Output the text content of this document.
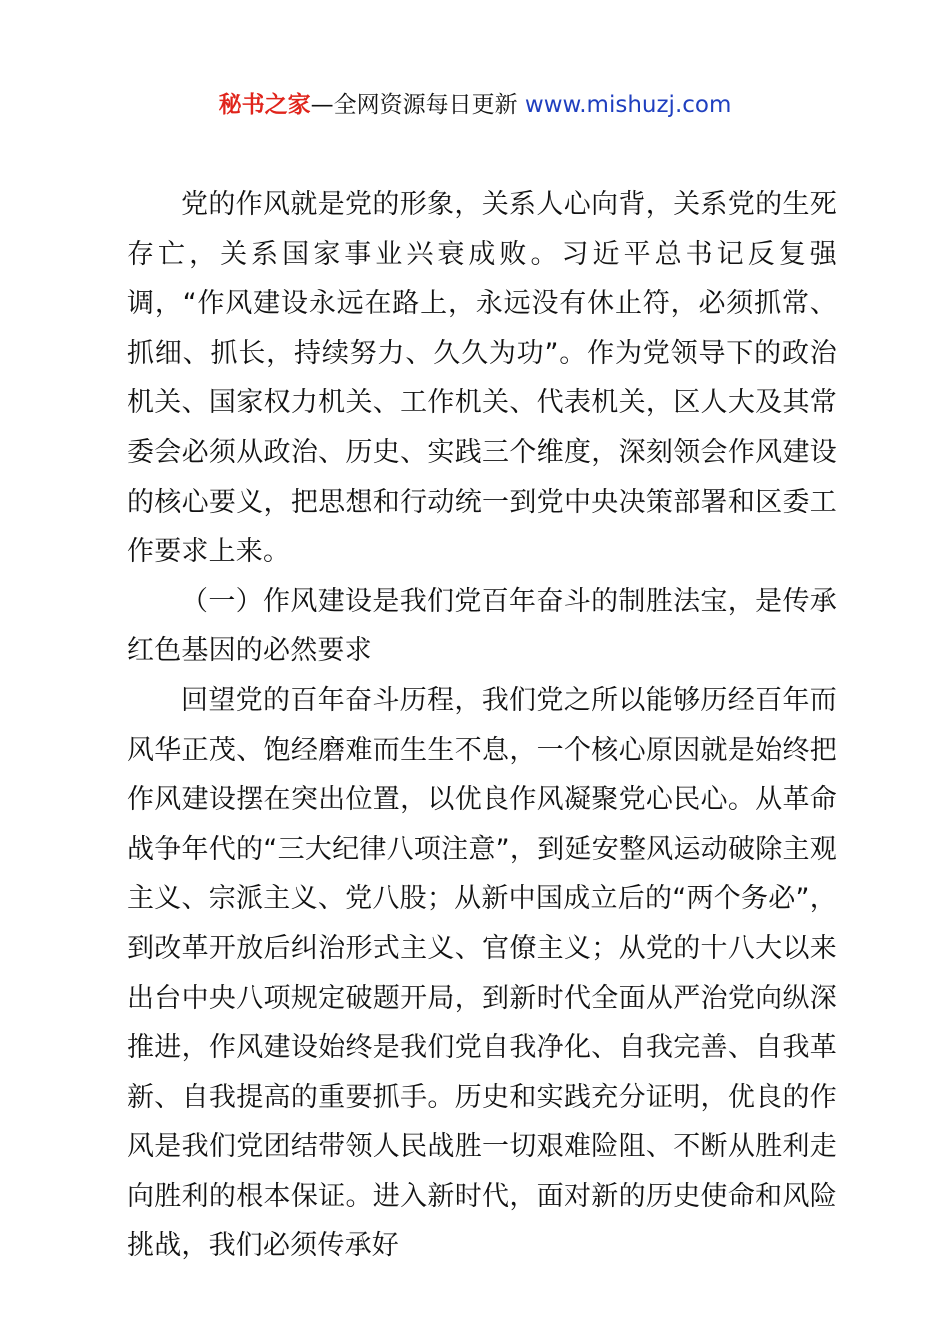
秘书之家—全网资源每日更新 www.mishuzj.com

党的作风就是党的形象，关系人心向背，关系党的生死存亡，关系国家事业兴衰成败。习近平总书记反复强调，“作风建设永远在路上，永远没有休止符，必须抓常、抓细、抓长，持续努力、久久为功”。作为党领导下的政治机关、国家权力机关、工作机关、代表机关，区人大及其常委会必须从政治、历史、实践三个维度，深刻领会作风建设的核心要义，把思想和行动统一到党中央决策部署和区委工作要求上来。

（一）作风建设是我们党百年奋斗的制胜法宝，是传承红色基因的必然要求

回望党的百年奋斗历程，我们党之所以能够历经百年而风华正茂、饱经磨难而生生不息，一个核心原因就是始终把作风建设摆在突出位置，以优良作风凝聚党心民心。从革命战争年代的“三大纪律八项注意”，到延安整风运动破除主观主义、宗派主义、党八股；从新中国成立后的“两个务必”，到改革开放后纠治形式主义、官僚主义；从党的十八大以来出台中央八项规定破题开局，到新时代全面从严治党向纵深推进，作风建设始终是我们党自我净化、自我完善、自我革新、自我提高的重要抓手。历史和实践充分证明，优良的作风是我们党团结带领人民战胜一切艰难险阻、不断从胜利走向胜利的根本保证。进入新时代，面对新的历史使命和风险挑战，我们必须传承好
